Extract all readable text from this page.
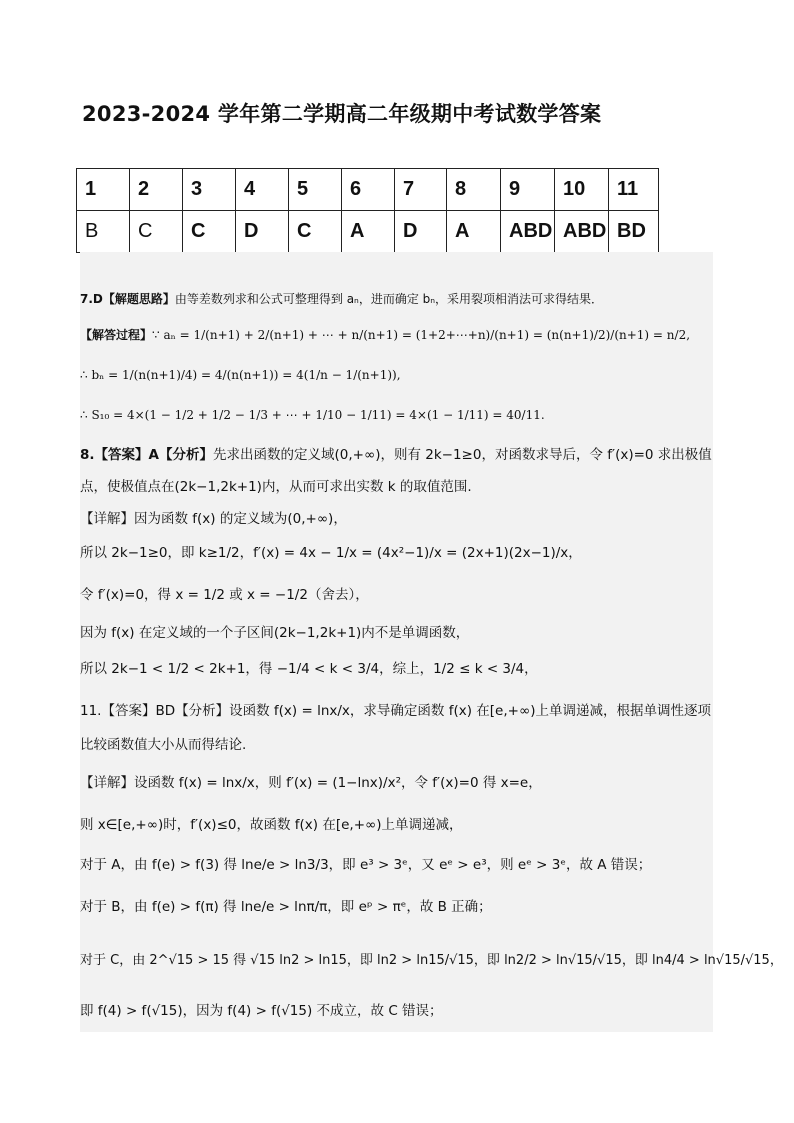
2023-2024 学年第二学期高二年级期中考试数学答案
1	2	3	4	5	6	7	8	9	10	11
B	C	C	D	C	A	D	A	ABD	ABD	BD
7.D【解题思路】由等差数列求和公式可整理得到 aₙ，进而确定 bₙ，采用裂项相消法可求得结果．
【解答过程】∵ aₙ = 1/(n+1) + 2/(n+1) + ⋯ + n/(n+1) = (1+2+⋯+n)/(n+1) = (n(n+1)/2)/(n+1) = n/2,
∴ bₙ = 1/(n(n+1)/4) = 4/(n(n+1)) = 4(1/n − 1/(n+1)),
∴ S₁₀ = 4×(1 − 1/2 + 1/2 − 1/3 + ⋯ + 1/10 − 1/11) = 4×(1 − 1/11) = 40/11.
8.【答案】A【分析】先求出函数的定义域(0,+∞)，则有 2k−1≥0，对函数求导后，令 f′(x)=0 求出极值
点，使极值点在(2k−1,2k+1)内，从而可求出实数 k 的取值范围.
【详解】因为函数 f(x) 的定义域为(0,+∞)，
所以 2k−1≥0，即 k≥1/2，f′(x) = 4x − 1/x = (4x²−1)/x = (2x+1)(2x−1)/x，
令 f′(x)=0，得 x = 1/2 或 x = −1/2（舍去），
因为 f(x) 在定义域的一个子区间(2k−1,2k+1)内不是单调函数，
所以 2k−1 < 1/2 < 2k+1，得 −1/4 < k < 3/4，综上，1/2 ≤ k < 3/4，
11.【答案】BD【分析】设函数 f(x) = lnx/x，求导确定函数 f(x) 在[e,+∞)上单调递减，根据单调性逐项
比较函数值大小从而得结论.
【详解】设函数 f(x) = lnx/x，则 f′(x) = (1−lnx)/x²，令 f′(x)=0 得 x=e，
则 x∈[e,+∞)时，f′(x)≤0，故函数 f(x) 在[e,+∞)上单调递减，
对于 A，由 f(e) > f(3) 得 lne/e > ln3/3，即 e³ > 3ᵉ，又 eᵉ > e³，则 eᵉ > 3ᵉ，故 A 错误；
对于 B，由 f(e) > f(π) 得 lne/e > lnπ/π，即 eᵖ > πᵉ，故 B 正确；
对于 C，由 2^√15 > 15 得 √15 ln2 > ln15，即 ln2 > ln15/√15，即 ln2/2 > ln√15/√15，即 ln4/4 > ln√15/√15，
即 f(4) > f(√15)，因为 f(4) > f(√15) 不成立，故 C 错误；
